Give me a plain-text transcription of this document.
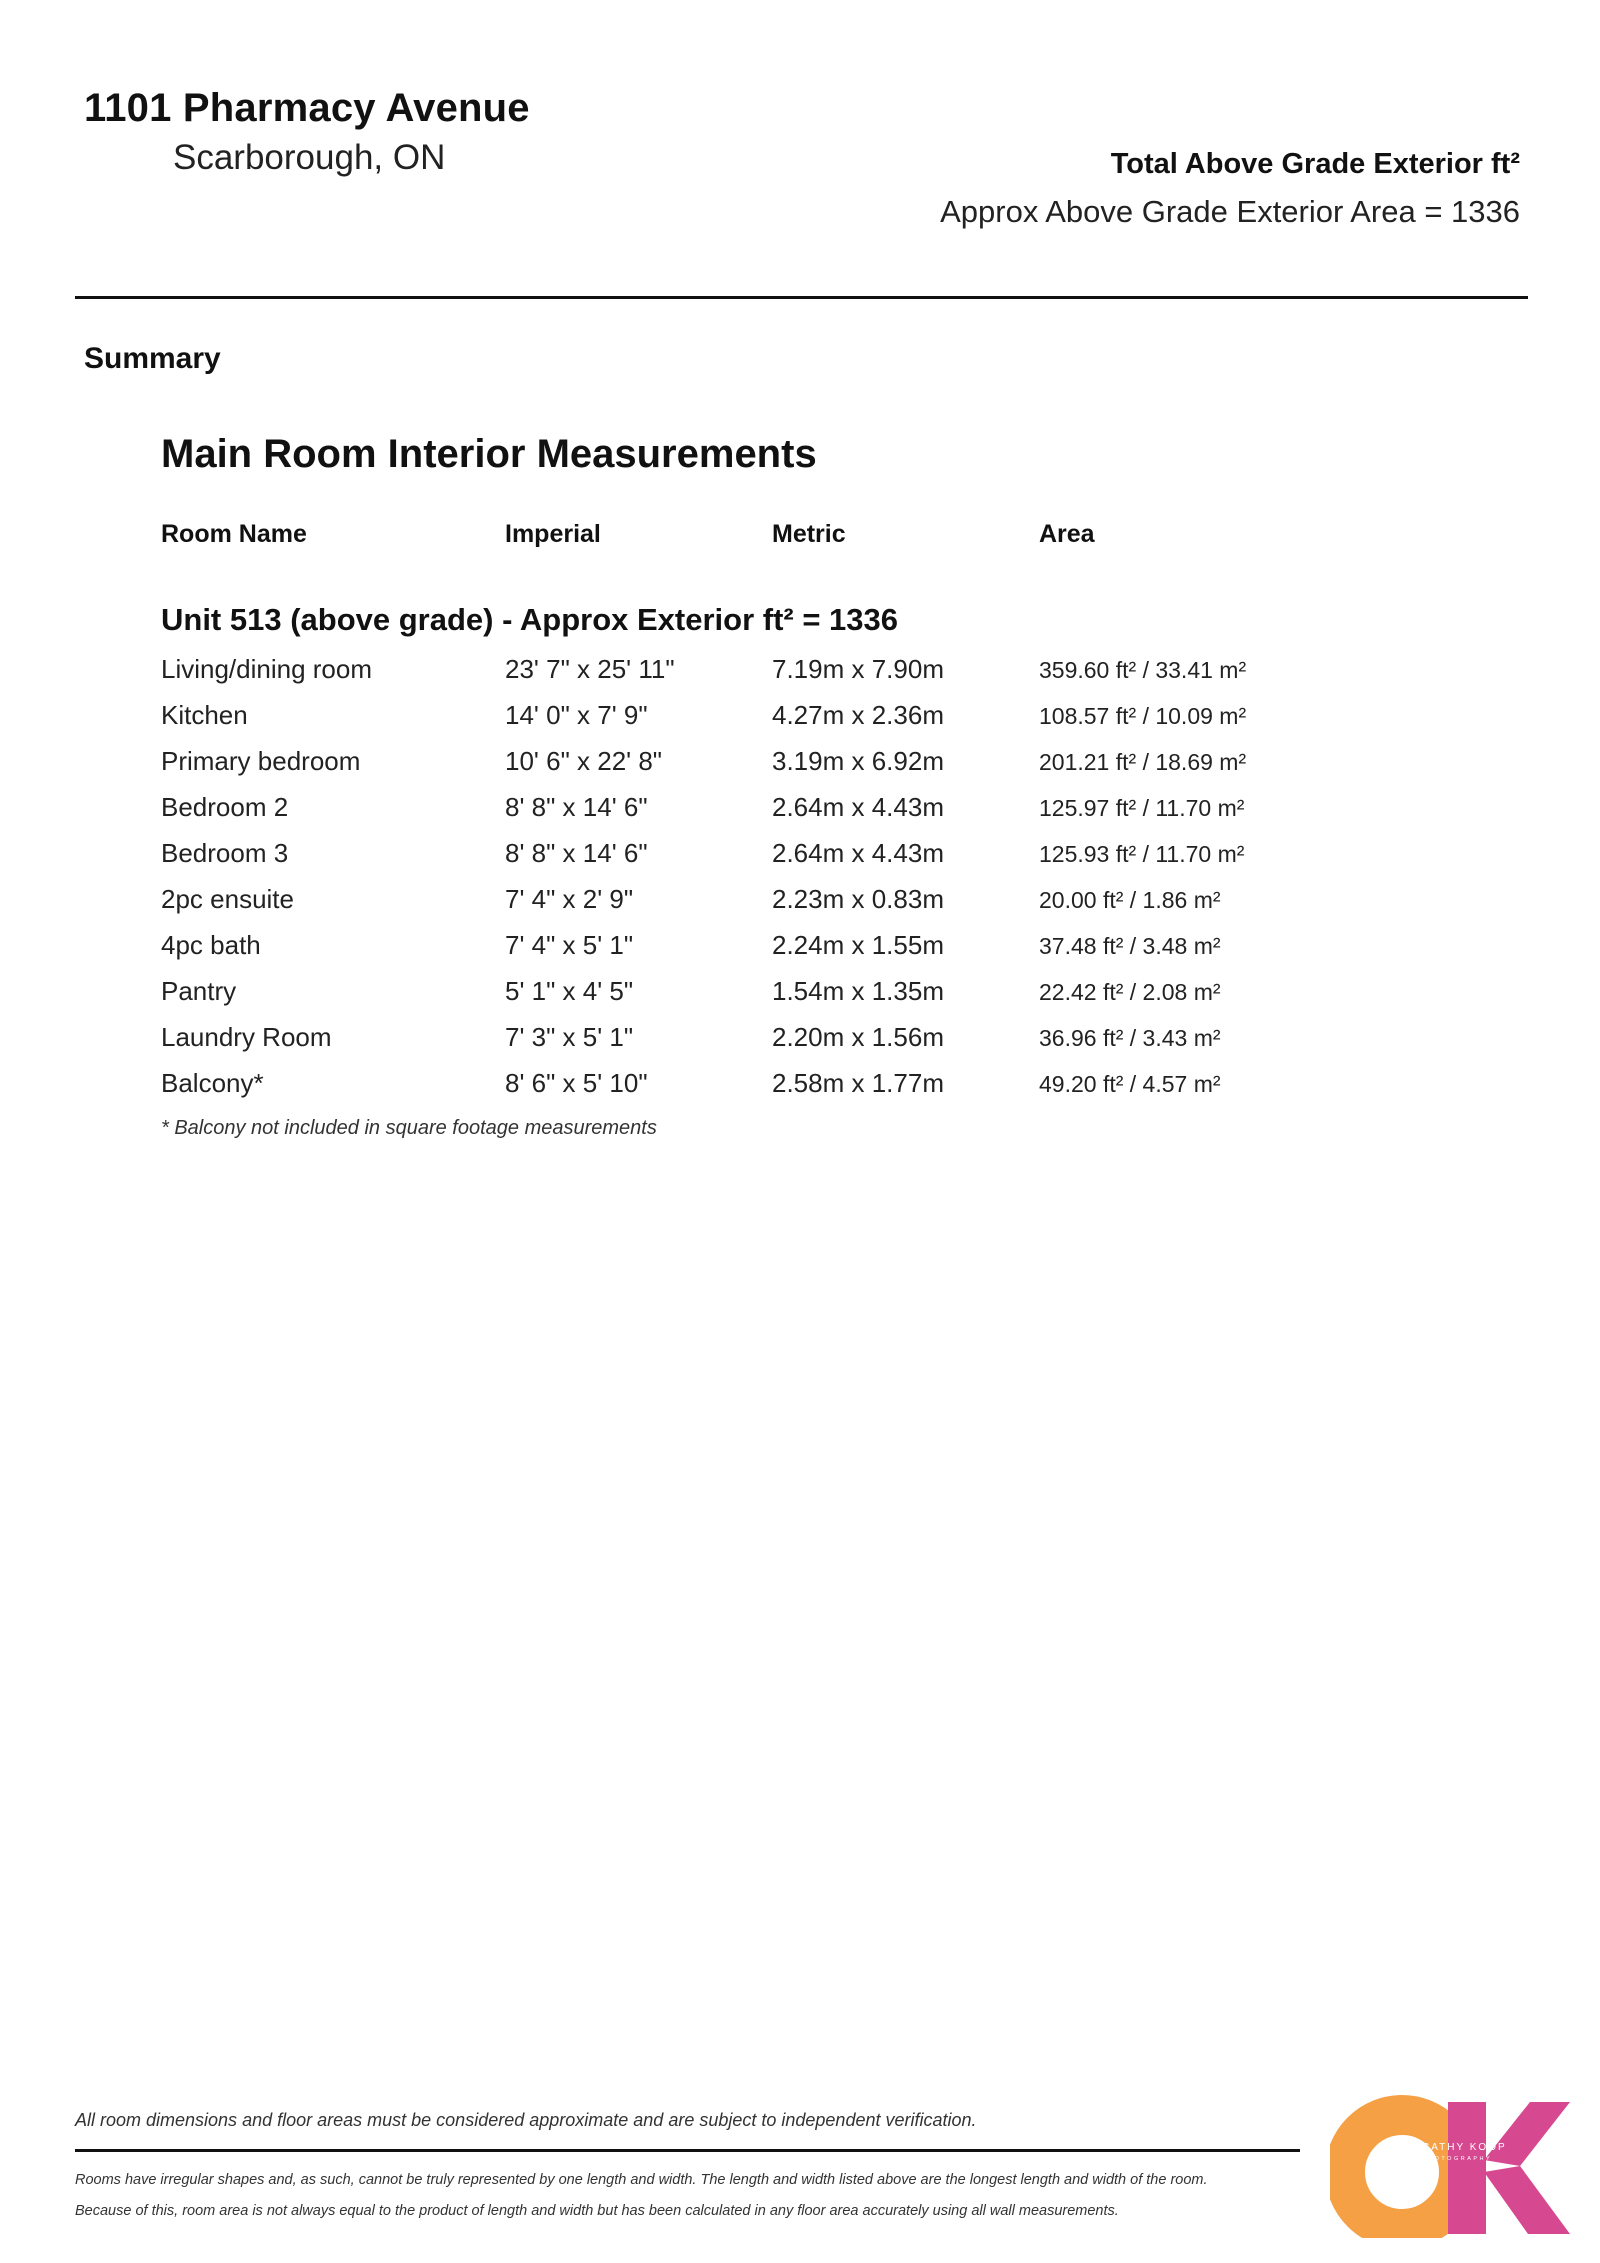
1101 Pharmacy Avenue
Scarborough, ON	Total Above Grade Exterior ft²
Approx Above Grade Exterior Area = 1336
Summary
Main Room Interior Measurements
Room Name	Imperial	Metric	Area
Unit 513 (above grade) - Approx Exterior ft² = 1336
Living/dining room	23' 7" x 25' 11"	7.19m x 7.90m	359.60 ft² / 33.41 m²
Kitchen	14' 0" x 7' 9"	4.27m x 2.36m	108.57 ft² / 10.09 m²
Primary bedroom	10' 6" x 22' 8"	3.19m x 6.92m	201.21 ft² / 18.69 m²
Bedroom 2	8' 8" x 14' 6"	2.64m x 4.43m	125.97 ft² / 11.70 m²
Bedroom 3	8' 8" x 14' 6"	2.64m x 4.43m	125.93 ft² / 11.70 m²
2pc ensuite	7' 4" x 2' 9"	2.23m x 0.83m	20.00 ft² / 1.86 m²
4pc bath	7' 4" x 5' 1"	2.24m x 1.55m	37.48 ft² / 3.48 m²
Pantry	5' 1" x 4' 5"	1.54m x 1.35m	22.42 ft² / 2.08 m²
Laundry Room	7' 3" x 5' 1"	2.20m x 1.56m	36.96 ft² / 3.43 m²
Balcony*	8' 6" x 5' 10"	2.58m x 1.77m	49.20 ft² / 4.57 m²
* Balcony not included in square footage measurements
All room dimensions and floor areas must be considered approximate and are subject to independent verification.
Rooms have irregular shapes and, as such, cannot be truly represented by one length and width. The length and width listed above are the longest length and width of the room.
Because of this, room area is not always equal to the product of length and width but has been calculated in any floor area accurately using all wall measurements.
CATHY KOOP
PHOTOGRAPHY
